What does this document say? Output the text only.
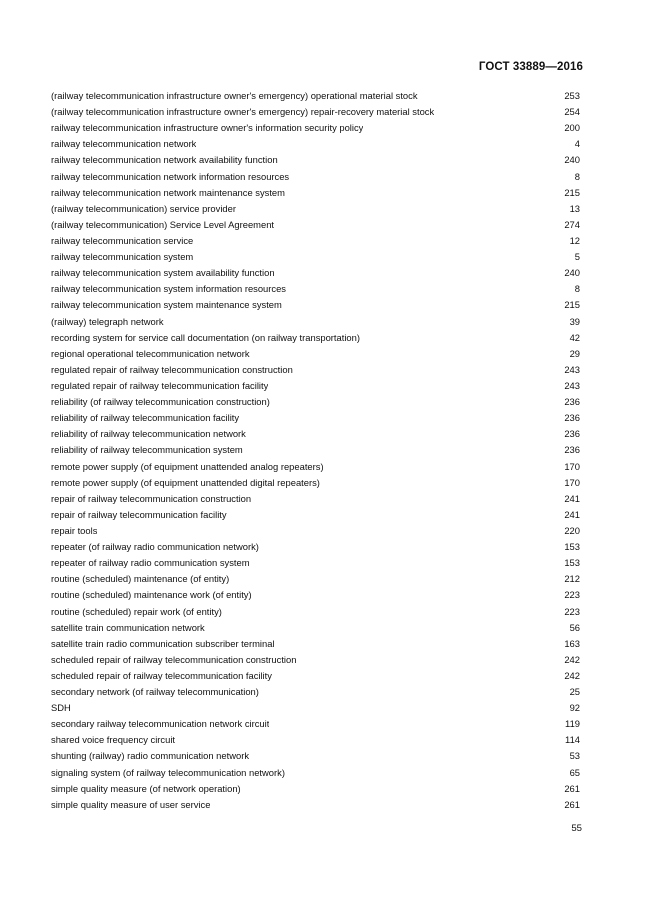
ГОСТ 33889—2016
(railway telecommunication infrastructure owner's emergency) operational material stock	253
(railway telecommunication infrastructure owner's emergency) repair-recovery material stock	254
railway telecommunication infrastructure owner's information security policy	200
railway telecommunication network	4
railway telecommunication network availability function	240
railway telecommunication network information resources	8
railway telecommunication network maintenance system	215
(railway telecommunication) service provider	13
(railway telecommunication) Service Level Agreement	274
railway telecommunication service	12
railway telecommunication system	5
railway telecommunication system availability function	240
railway telecommunication system information resources	8
railway telecommunication system maintenance system	215
(railway) telegraph network	39
recording system for service call documentation (on railway transportation)	42
regional operational telecommunication network	29
regulated repair of railway telecommunication construction	243
regulated repair of railway telecommunication facility	243
reliability (of railway telecommunication construction)	236
reliability of railway telecommunication facility	236
reliability of railway telecommunication network	236
reliability of railway telecommunication system	236
remote power supply (of equipment unattended analog repeaters)	170
remote power supply (of equipment unattended digital repeaters)	170
repair of railway telecommunication construction	241
repair of railway telecommunication facility	241
repair tools	220
repeater (of railway radio communication network)	153
repeater of railway radio communication system	153
routine (scheduled) maintenance (of entity)	212
routine (scheduled) maintenance work (of entity)	223
routine (scheduled) repair work (of entity)	223
satellite train communication network	56
satellite train radio communication subscriber terminal	163
scheduled repair of railway telecommunication construction	242
scheduled repair of railway telecommunication facility	242
secondary network (of railway telecommunication)	25
SDH	92
secondary railway telecommunication network circuit	119
shared voice frequency circuit	114
shunting (railway) radio communication network	53
signaling system (of railway telecommunication network)	65
simple quality measure (of network operation)	261
simple quality measure of user service	261
55
